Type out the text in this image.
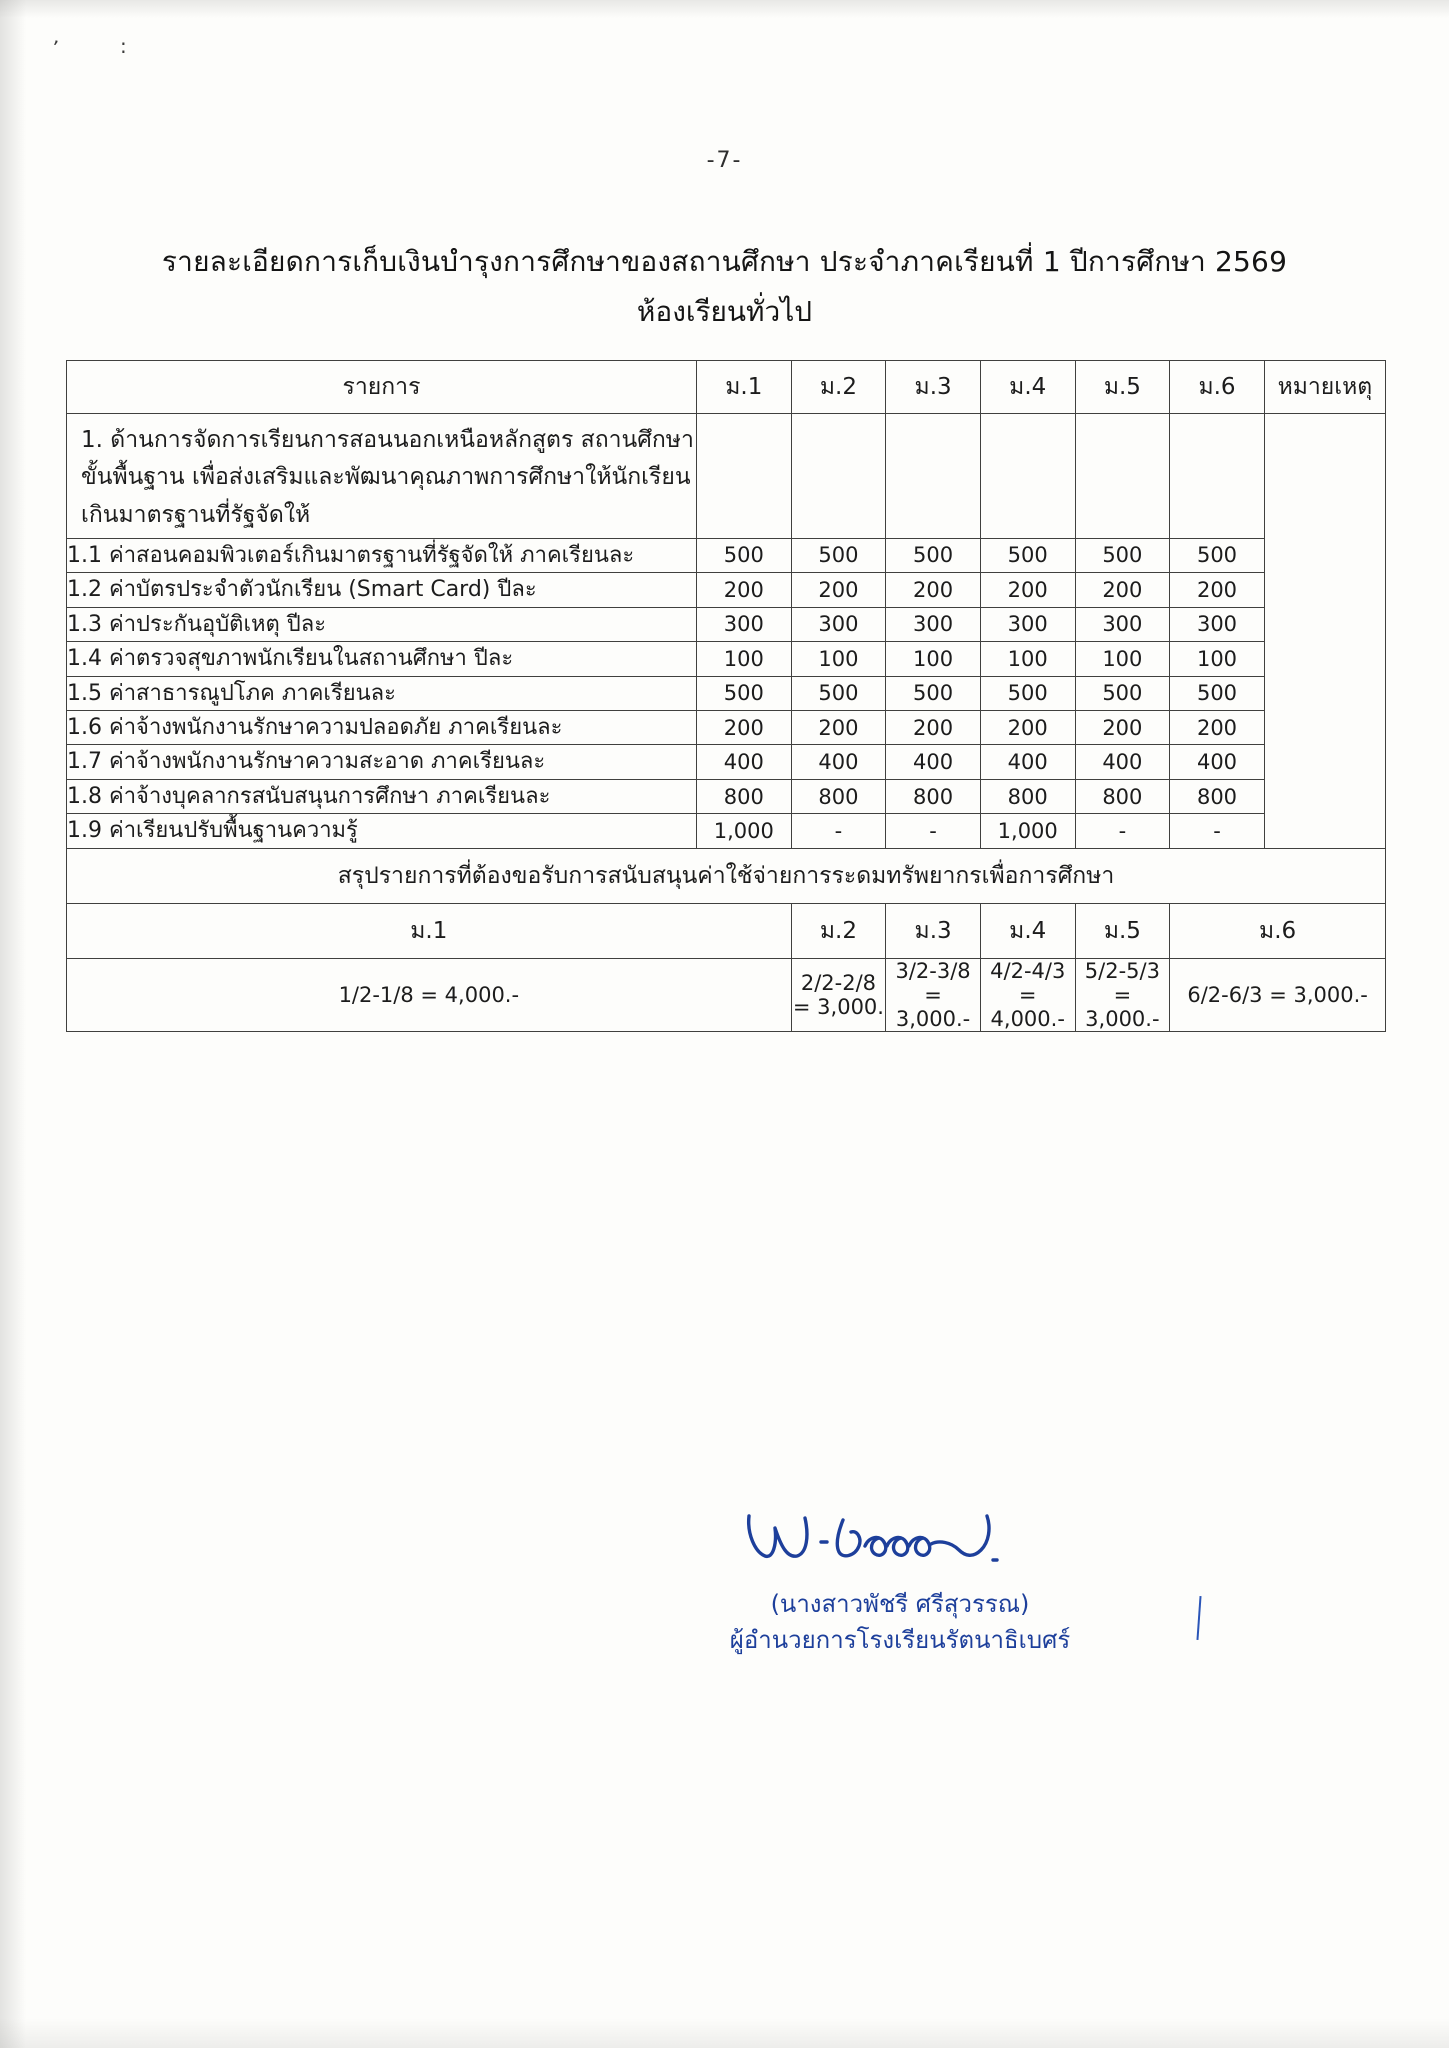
ʼ	:
-7-
รายละเอียดการเก็บเงินบำรุงการศึกษาของสถานศึกษา ประจำภาคเรียนที่ 1 ปีการศึกษา 2569
ห้องเรียนทั่วไป
รายการ	ม.1	ม.2	ม.3	ม.4	ม.5	ม.6	หมายเหตุ

1. ด้านการจัดการเรียนการสอนนอกเหนือหลักสูตร สถานศึกษา
ขั้นพื้นฐาน เพื่อส่งเสริมและพัฒนาคุณภาพการศึกษาให้นักเรียน
เกินมาตรฐานที่รัฐจัดให้							

1.1 ค่าสอนคอมพิวเตอร์เกินมาตรฐานที่รัฐจัดให้ ภาคเรียนละ	500	500	500	500	500	500	
1.2 ค่าบัตรประจำตัวนักเรียน (Smart Card) ปีละ	200	200	200	200	200	200	
1.3 ค่าประกันอุบัติเหตุ ปีละ	300	300	300	300	300	300	
1.4 ค่าตรวจสุขภาพนักเรียนในสถานศึกษา ปีละ	100	100	100	100	100	100	
1.5 ค่าสาธารณูปโภค ภาคเรียนละ	500	500	500	500	500	500	
1.6 ค่าจ้างพนักงานรักษาความปลอดภัย ภาคเรียนละ	200	200	200	200	200	200	
1.7 ค่าจ้างพนักงานรักษาความสะอาด ภาคเรียนละ	400	400	400	400	400	400	
1.8 ค่าจ้างบุคลากรสนับสนุนการศึกษา ภาคเรียนละ	800	800	800	800	800	800	
1.9 ค่าเรียนปรับพื้นฐานความรู้	1,000	-	-	1,000	-	-	
สรุปรายการที่ต้องขอรับการสนับสนุนค่าใช้จ่ายการระดมทรัพยากรเพื่อการศึกษา							
ม.1		ม.2	ม.3	ม.4	ม.5	ม.6	
1/2-1/8 = 4,000.-		2/2-2/8 = 3,000.	3/2-3/8 = 3,000.-	4/2-4/3 = 4,000.-	5/2-5/3 = 3,000.-	6/2-6/3 = 3,000.-	
(นางสาวพัชรี ศรีสุวรรณ)
ผู้อำนวยการโรงเรียนรัตนาธิเบศร์
